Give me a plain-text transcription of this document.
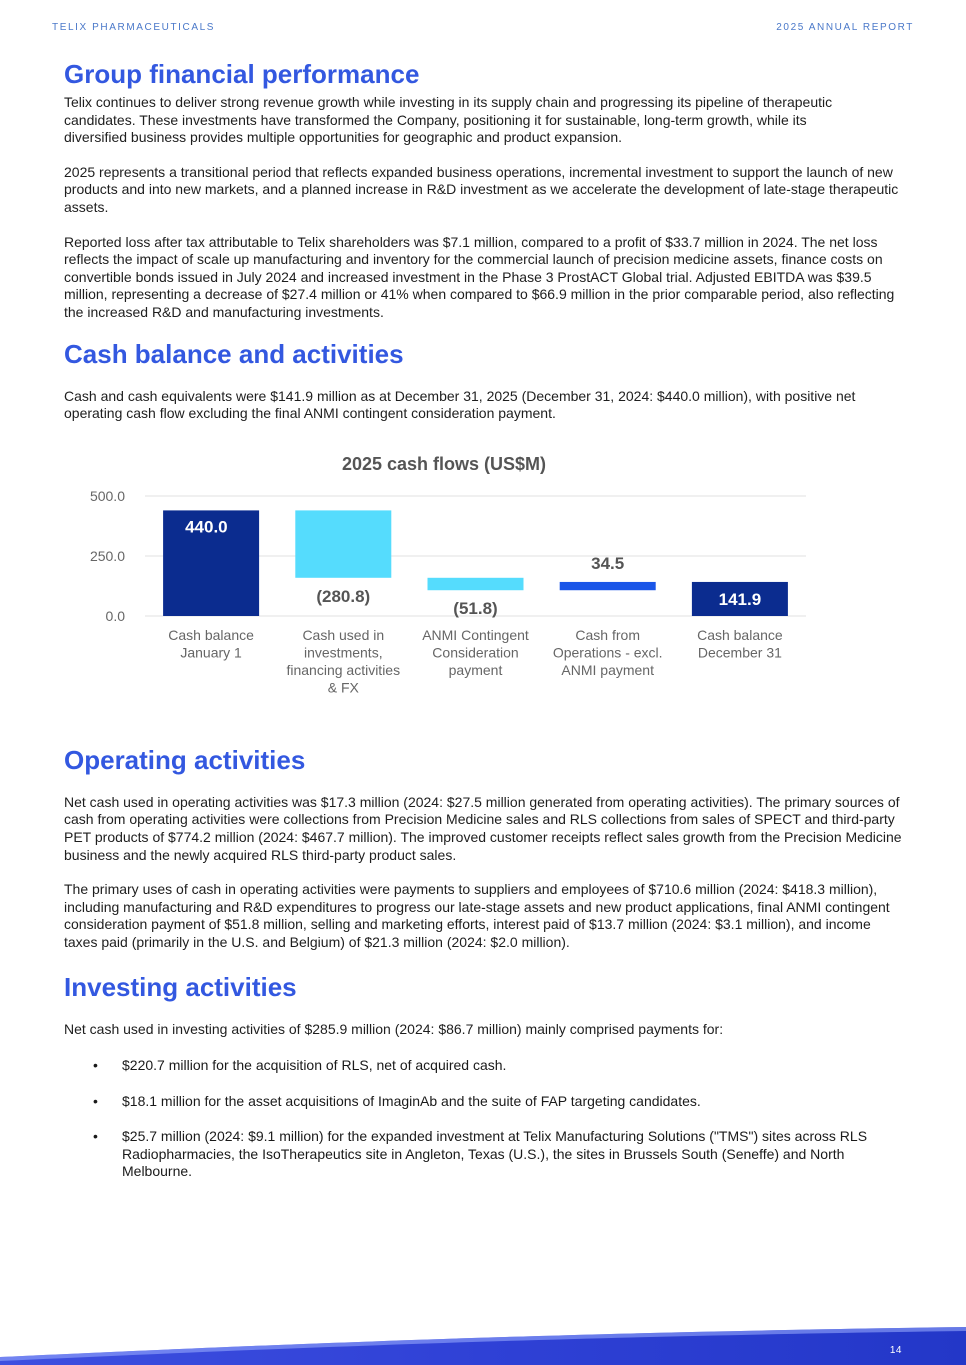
TELIX PHARMACEUTICALS	2025 ANNUAL REPORT
Group financial performance

Telix continues to deliver strong revenue growth while investing in its supply chain and progressing its pipeline of therapeutic candidates. These investments have transformed the Company, positioning it for sustainable, long-term growth, while its diversified business provides multiple opportunities for geographic and product expansion.

2025 represents a transitional period that reflects expanded business operations, incremental investment to support the launch of new products and into new markets, and a planned increase in R&D investment as we accelerate the development of late-stage therapeutic assets.

Reported loss after tax attributable to Telix shareholders was $7.1 million, compared to a profit of $33.7 million in 2024. The net loss reflects the impact of scale up manufacturing and inventory for the commercial launch of precision medicine assets, finance costs on convertible bonds issued in July 2024 and increased investment in the Phase 3 ProstACT Global trial. Adjusted EBITDA was $39.5 million, representing a decrease of $27.4 million or 41% when compared to $66.9 million in the prior comparable period, also reflecting the increased R&D and manufacturing investments.

Cash balance and activities

Cash and cash equivalents were $141.9 million as at December 31, 2025 (December 31, 2024: $440.0 million), with positive net operating cash flow excluding the final ANMI contingent consideration payment.

2025 cash flows (US$M)
0.0
250.0
500.0
440.0
Cash balance
January 1
(280.8)
Cash used in
investments,
financing activities
& FX
(51.8)
ANMI Contingent
Consideration
payment
34.5
Cash from
Operations - excl.
ANMI payment
141.9
Cash balance
December 31
Operating activities

Net cash used in operating activities was $17.3 million (2024: $27.5 million generated from operating activities). The primary sources of cash from operating activities were collections from Precision Medicine sales and RLS collections from sales of SPECT and third-party PET products of $774.2 million (2024: $467.7 million). The improved customer receipts reflect sales growth from the Precision Medicine business and the newly acquired RLS third-party product sales.

The primary uses of cash in operating activities were payments to suppliers and employees of $710.6 million (2024: $418.3 million), including manufacturing and R&D expenditures to progress our late-stage assets and new product applications, final ANMI contingent consideration payment of $51.8 million, selling and marketing efforts, interest paid of $13.7 million (2024: $3.1 million), and income taxes paid (primarily in the U.S. and Belgium) of $21.3 million (2024: $2.0 million).

Investing activities

Net cash used in investing activities of $285.9 million (2024: $86.7 million) mainly comprised payments for:

• $220.7 million for the acquisition of RLS, net of acquired cash.
• $18.1 million for the asset acquisitions of ImaginAb and the suite of FAP targeting candidates.
• $25.7 million (2024: $9.1 million) for the expanded investment at Telix Manufacturing Solutions ("TMS") sites across RLS Radiopharmacies, the IsoTherapeutics site in Angleton, Texas (U.S.), the sites in Brussels South (Seneffe) and North Melbourne.
14
